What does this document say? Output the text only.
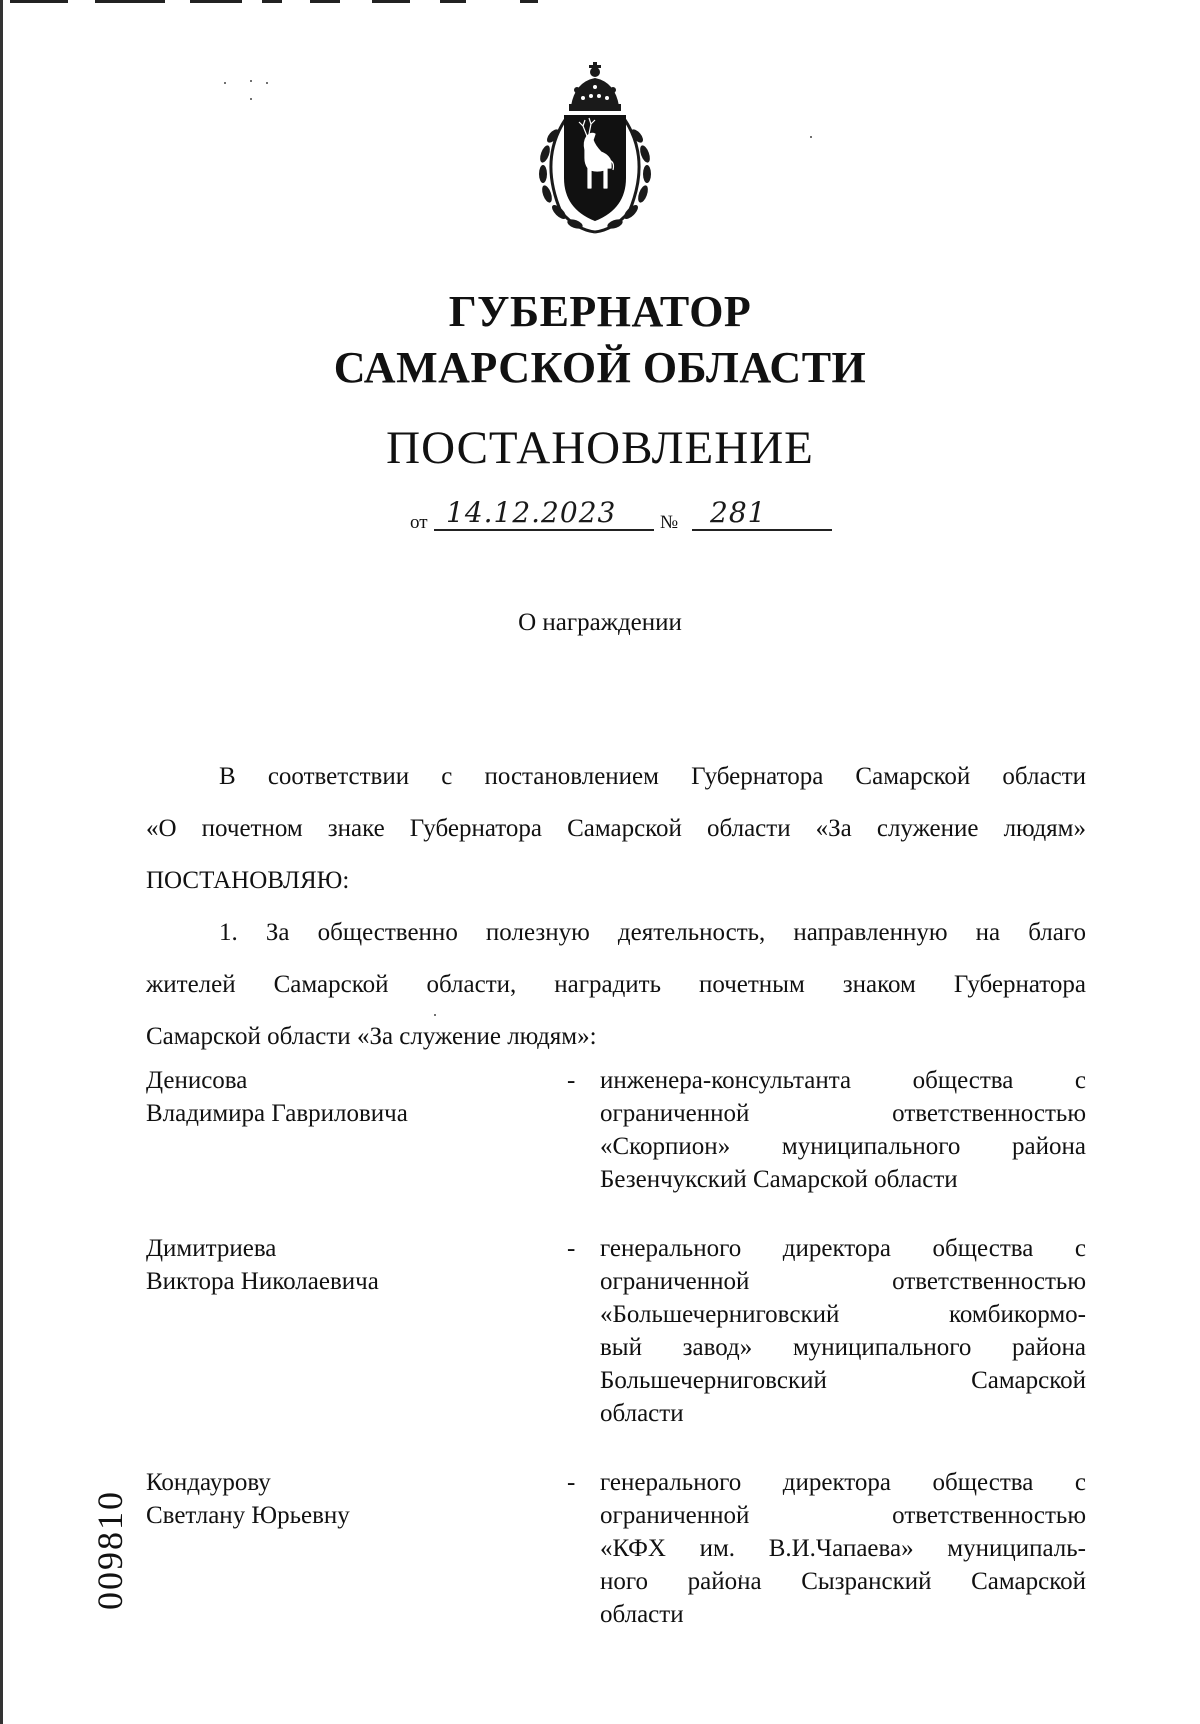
ГУБЕРНАТОР
САМАРСКОЙ ОБЛАСТИ
ПОСТАНОВЛЕНИЕ
от 14.12.2023 № 281
О награждении
В соответствии с постановлением Губернатора Самарской области
«О почетном знаке Губернатора Самарской области «За служение людям»
ПОСТАНОВЛЯЮ:
1. За общественно полезную деятельность, направленную на благо
жителей Самарской области, наградить почетным знаком Губернатора
Самарской области «За служение людям»:
Денисова
Владимира Гавриловича
- инженера-консультанта общества с
ограниченной ответственностью
«Скорпион» муниципального района
Безенчукский Самарской области
Димитриева
Виктора Николаевича
- генерального директора общества с
ограниченной ответственностью
«Большечерниговский комбикормо-
вый завод» муниципального района
Большечерниговский Самарской
области
Кондаурову
Светлану Юрьевну
- генерального директора общества с
ограниченной ответственностью
«КФХ им. В.И.Чапаева» муниципаль-
ного района Сызранский Самарской
области
009810
